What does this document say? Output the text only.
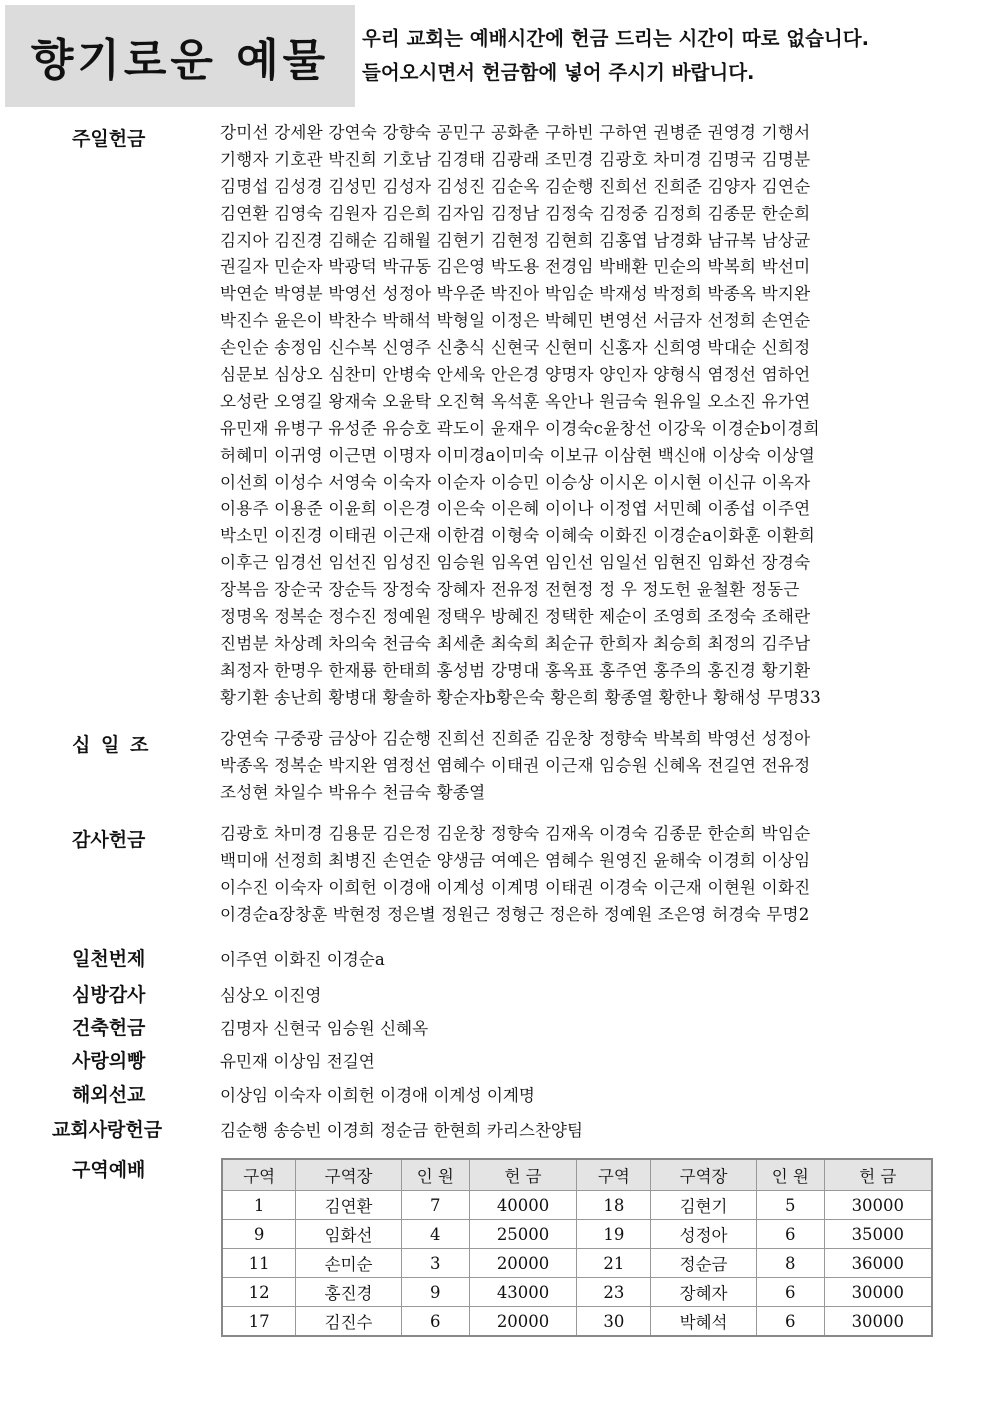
향기로운 예물 우리 교회는 예배시간에 헌금 드리는 시간이 따로 없습니다.
들어오시면서 헌금함에 넣어 주시기 바랍니다.
주일헌금	강미선 강세완 강연숙 강향숙 공민구 공화춘 구하빈 구하연 권병준 권영경 기행서
기행자 기호관 박진희 기호남 김경태 김광래 조민경 김광호 차미경 김명국 김명분
김명섭 김성경 김성민 김성자 김성진 김순옥 김순행 진희선 진희준 김양자 김연순
김연환 김영숙 김원자 김은희 김자임 김정남 김정숙 김정중 김정희 김종문 한순희
김지아 김진경 김해순 김해월 김현기 김현정 김현희 김홍엽 남경화 남규복 남상균
권길자 민순자 박광덕 박규동 김은영 박도용 전경임 박배환 민순의 박복희 박선미
박연순 박영분 박영선 성정아 박우준 박진아 박임순 박재성 박정희 박종옥 박지완
박진수 윤은이 박찬수 박해석 박형일 이정은 박혜민 변영선 서금자 선정희 손연순
손인순 송정임 신수복 신영주 신충식 신현국 신현미 신홍자 신희영 박대순 신희정
심문보 심상오 심찬미 안병숙 안세욱 안은경 양명자 양인자 양형식 염정선 염하언
오성란 오영길 왕재숙 오윤탁 오진혁 옥석훈 옥안나 원금숙 원유일 오소진 유가연
유민재 유병구 유성준 유승호 곽도이 윤재우 이경숙c윤창선 이강욱 이경순b이경희
허혜미 이귀영 이근면 이명자 이미경a이미숙 이보규 이삼현 백신애 이상숙 이상열
이선희 이성수 서영숙 이숙자 이순자 이승민 이승상 이시온 이시현 이신규 이옥자
이용주 이용준 이윤희 이은경 이은숙 이은혜 이이나 이정엽 서민혜 이종섭 이주연
박소민 이진경 이태권 이근재 이한겸 이형숙 이혜숙 이화진 이경순a이화훈 이환희
이후근 임경선 임선진 임성진 임승원 임옥연 임인선 임일선 임현진 임화선 장경숙
장복음 장순국 장순득 장정숙 장혜자 전유정 전현정 정 우 정도헌 윤철환 정동근
정명옥 정복순 정수진 정예원 정택우 방혜진 정택한 제순이 조영희 조정숙 조해란
진범분 차상례 차의숙 천금숙 최세춘 최숙희 최순규 한희자 최승희 최정의 김주남
최정자 한명우 한재룡 한태희 홍성범 강명대 홍옥표 홍주연 홍주의 홍진경 황기환
황기환 송난희 황병대 황솔하 황순자b황은숙 황은희 황종열 황한나 황해성 무명33
십 일 조	강연숙 구중광 금상아 김순행 진희선 진희준 김운창 정향숙 박복희 박영선 성정아
박종옥 정복순 박지완 염정선 염혜수 이태권 이근재 임승원 신혜옥 전길연 전유정
조성현 차일수 박유수 천금숙 황종열
감사헌금	김광호 차미경 김용문 김은정 김운창 정향숙 김재옥 이경숙 김종문 한순희 박임순
백미애 선정희 최병진 손연순 양생금 여예은 염혜수 원영진 윤해숙 이경희 이상임
이수진 이숙자 이희헌 이경애 이계성 이계명 이태권 이경숙 이근재 이현원 이화진
이경순a장창훈 박현정 정은별 정원근 정형근 정은하 정예원 조은영 허경숙 무명2
일천번제	이주연 이화진 이경순a
심방감사	심상오 이진영
건축헌금	김명자 신현국 임승원 신혜옥
사랑의빵	유민재 이상임 전길연
해외선교	이상임 이숙자 이희헌 이경애 이계성 이계명
교회사랑헌금	김순행 송승빈 이경희 정순금 한현희 카리스찬양팀
구역예배	구역	구역장	인 원	헌 금	구역	구역장	인 원	헌 금
1	김연환	7	40000	18	김현기	5	30000
9	임화선	4	25000	19	성정아	6	35000
11	손미순	3	20000	21	정순금	8	36000
12	홍진경	9	43000	23	장혜자	6	30000
17	김진수	6	20000	30	박혜석	6	30000
